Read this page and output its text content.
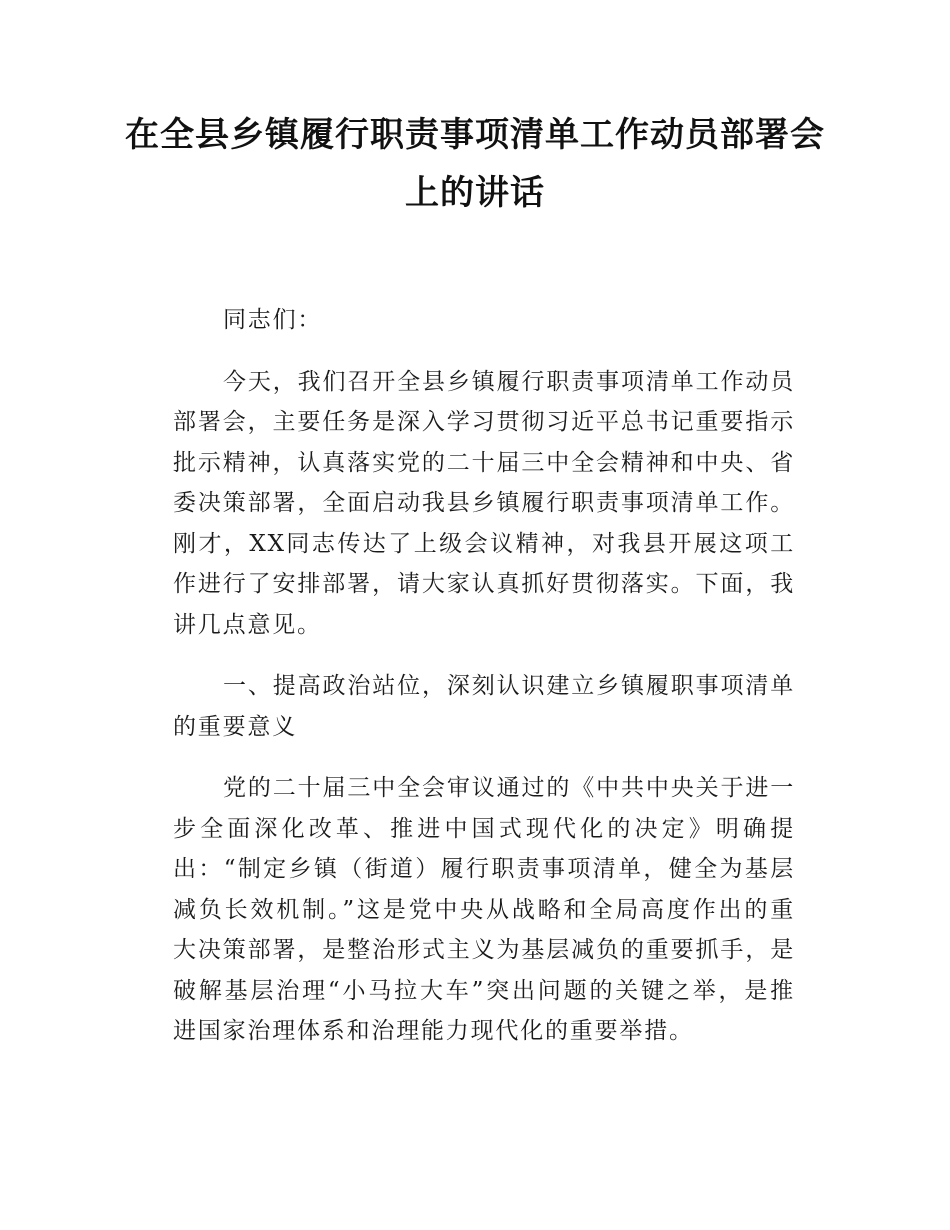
在全县乡镇履行职责事项清单工作动员部署会上的讲话

同志们：

今天，我们召开全县乡镇履行职责事项清单工作动员部署会，主要任务是深入学习贯彻习近平总书记重要指示批示精神，认真落实党的二十届三中全会精神和中央、省委决策部署，全面启动我县乡镇履行职责事项清单工作。刚才，XX同志传达了上级会议精神，对我县开展这项工作进行了安排部署，请大家认真抓好贯彻落实。下面，我讲几点意见。

一、提高政治站位，深刻认识建立乡镇履职事项清单的重要意义

党的二十届三中全会审议通过的《中共中央关于进一步全面深化改革、推进中国式现代化的决定》明确提出：“制定乡镇（街道）履行职责事项清单，健全为基层减负长效机制。”这是党中央从战略和全局高度作出的重大决策部署，是整治形式主义为基层减负的重要抓手，是破解基层治理“小马拉大车”突出问题的关键之举，是推进国家治理体系和治理能力现代化的重要举措。
